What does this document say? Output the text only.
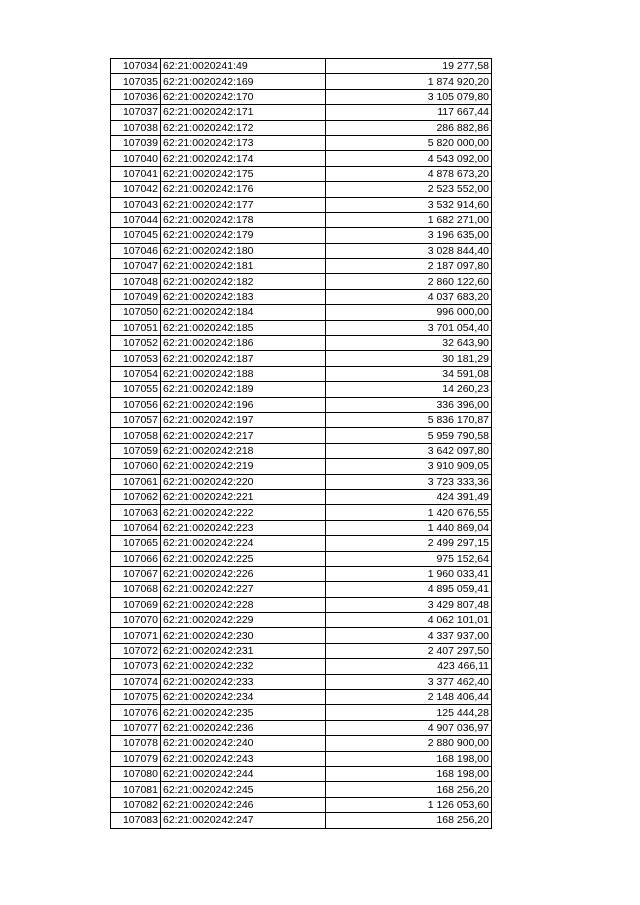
107034	62:21:0020241:49	19 277,58
107035	62:21:0020242:169	1 874 920,20
107036	62:21:0020242:170	3 105 079,80
107037	62:21:0020242:171	117 667,44
107038	62:21:0020242:172	286 882,86
107039	62:21:0020242:173	5 820 000,00
107040	62:21:0020242:174	4 543 092,00
107041	62:21:0020242:175	4 878 673,20
107042	62:21:0020242:176	2 523 552,00
107043	62:21:0020242:177	3 532 914,60
107044	62:21:0020242:178	1 682 271,00
107045	62:21:0020242:179	3 196 635,00
107046	62:21:0020242:180	3 028 844,40
107047	62:21:0020242:181	2 187 097,80
107048	62:21:0020242:182	2 860 122,60
107049	62:21:0020242:183	4 037 683,20
107050	62:21:0020242:184	996 000,00
107051	62:21:0020242:185	3 701 054,40
107052	62:21:0020242:186	32 643,90
107053	62:21:0020242:187	30 181,29
107054	62:21:0020242:188	34 591,08
107055	62:21:0020242:189	14 260,23
107056	62:21:0020242:196	336 396,00
107057	62:21:0020242:197	5 836 170,87
107058	62:21:0020242:217	5 959 790,58
107059	62:21:0020242:218	3 642 097,80
107060	62:21:0020242:219	3 910 909,05
107061	62:21:0020242:220	3 723 333,36
107062	62:21:0020242:221	424 391,49
107063	62:21:0020242:222	1 420 676,55
107064	62:21:0020242:223	1 440 869,04
107065	62:21:0020242:224	2 499 297,15
107066	62:21:0020242:225	975 152,64
107067	62:21:0020242:226	1 960 033,41
107068	62:21:0020242:227	4 895 059,41
107069	62:21:0020242:228	3 429 807,48
107070	62:21:0020242:229	4 062 101,01
107071	62:21:0020242:230	4 337 937,00
107072	62:21:0020242:231	2 407 297,50
107073	62:21:0020242:232	423 466,11
107074	62:21:0020242:233	3 377 462,40
107075	62:21:0020242:234	2 148 406,44
107076	62:21:0020242:235	125 444,28
107077	62:21:0020242:236	4 907 036,97
107078	62:21:0020242:240	2 880 900,00
107079	62:21:0020242:243	168 198,00
107080	62:21:0020242:244	168 198,00
107081	62:21:0020242:245	168 256,20
107082	62:21:0020242:246	1 126 053,60
107083	62:21:0020242:247	168 256,20
